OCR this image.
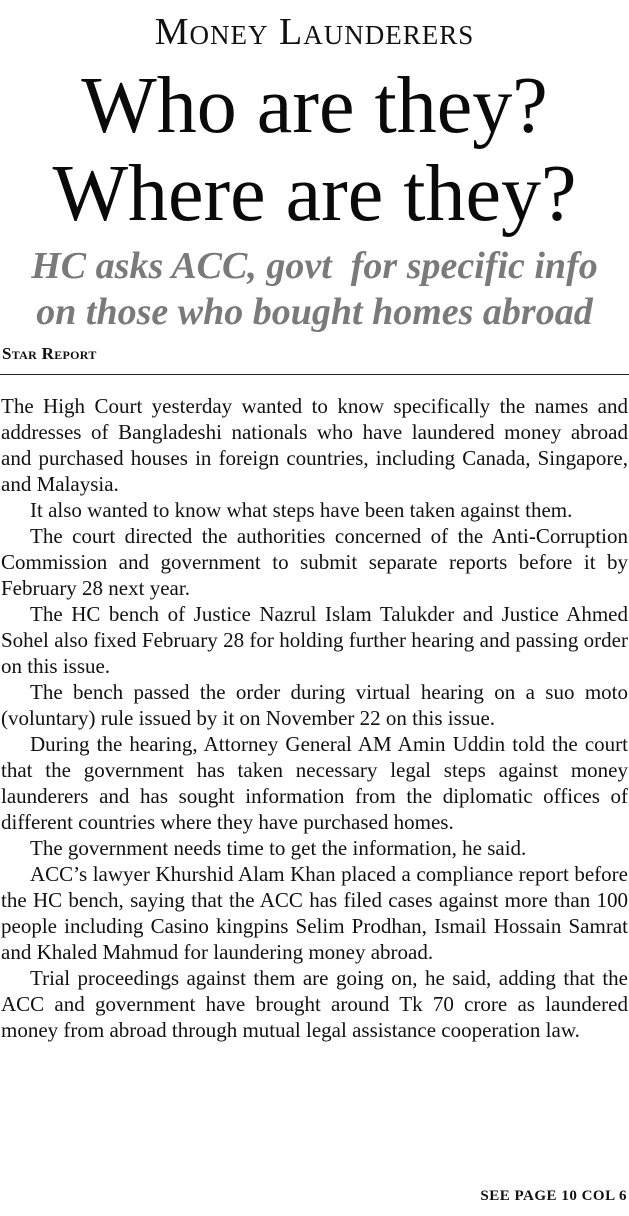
Money Launderers
Who are they?
Where are they?
HC asks ACC, govt  for specific info
on those who bought homes abroad
Star Report

The High Court yesterday wanted to know specifically the names and addresses of Bangladeshi nationals who have laundered money abroad and purchased houses in foreign countries, including Canada, Singapore, and Malaysia.

It also wanted to know what steps have been taken against them.

The court directed the authorities concerned of the Anti-Corruption Commission and government to submit separate reports before it by February 28 next year.

The HC bench of Justice Nazrul Islam Talukder and Justice Ahmed Sohel also fixed February 28 for holding further hearing and passing order on this issue.

The bench passed the order during virtual hearing on a suo moto (voluntary) rule issued by it on November 22 on this issue.

During the hearing, Attorney General AM Amin Uddin told the court that the government has taken necessary legal steps against money launderers and has sought information from the diplomatic offices of different countries where they have purchased homes.

The government needs time to get the information, he said.

ACC’s lawyer Khurshid Alam Khan placed a compliance report before the HC bench, saying that the ACC has filed cases against more than 100 people including Casino kingpins Selim Prodhan, Ismail Hossain Samrat and Khaled Mahmud for laundering money abroad.

Trial proceedings against them are going on, he said, adding that the ACC and government have brought around Tk 70 crore as laundered money from abroad through mutual legal assistance cooperation law.

SEE PAGE 10 COL 6
